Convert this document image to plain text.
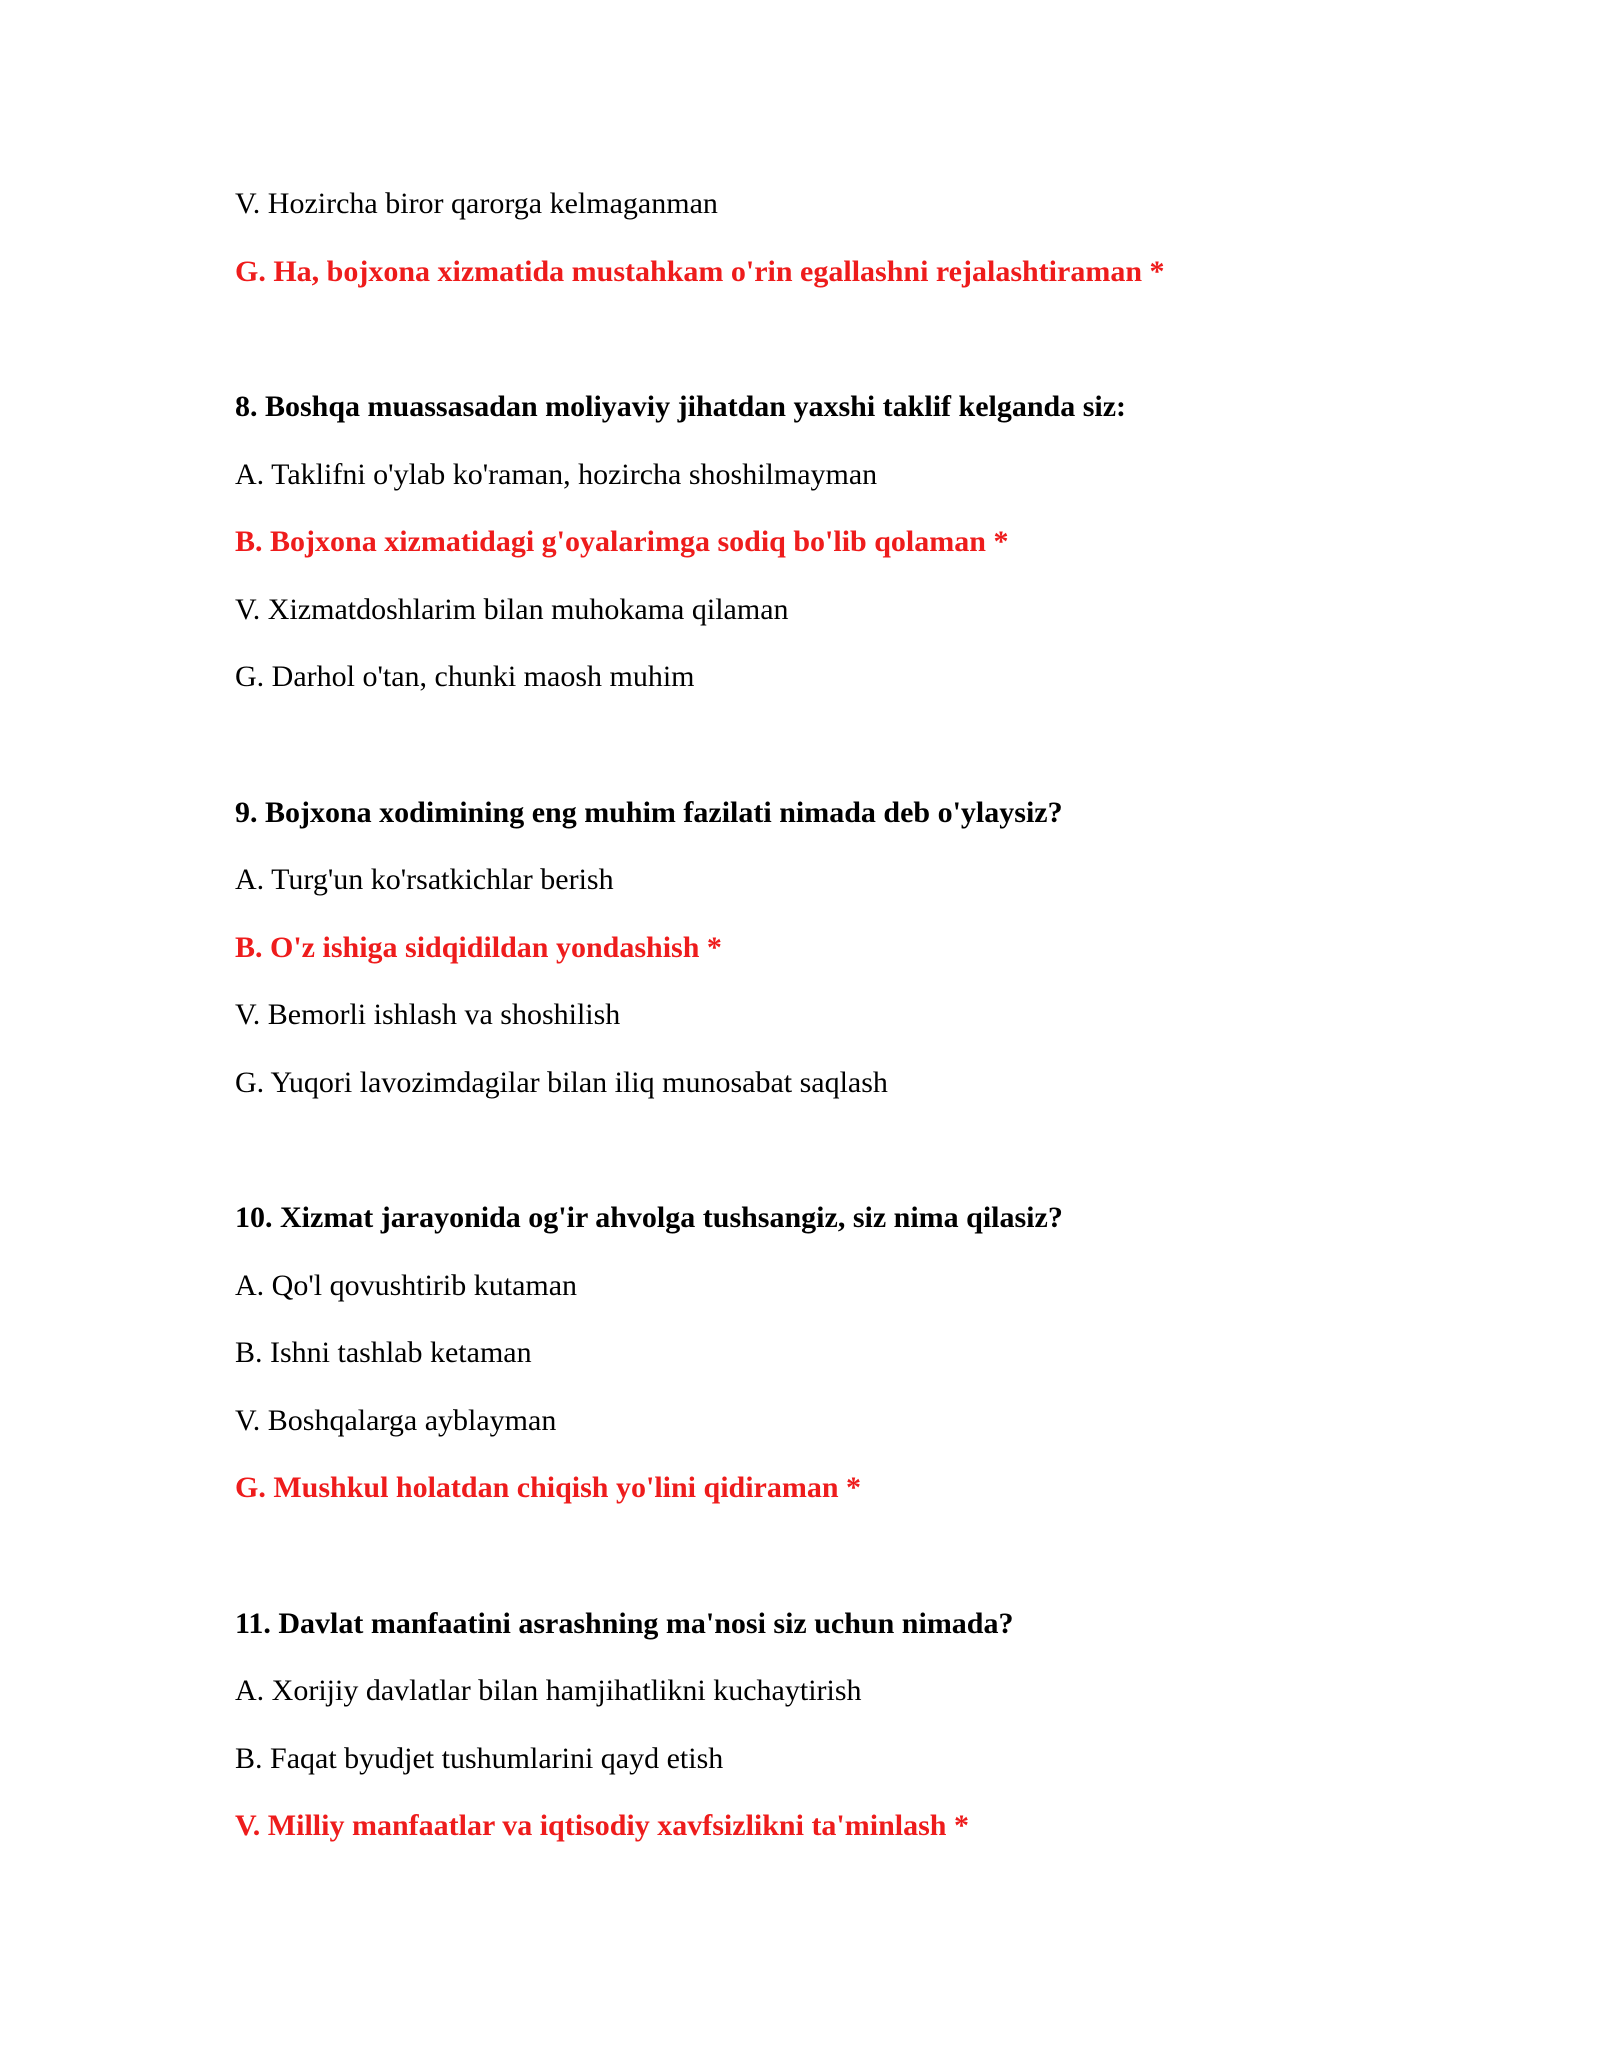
V. Hozircha biror qarorga kelmaganman
G. Ha, bojxona xizmatida mustahkam o'rin egallashni rejalashtiraman *
8. Boshqa muassasadan moliyaviy jihatdan yaxshi taklif kelganda siz:
A. Taklifni o'ylab ko'raman, hozircha shoshilmayman
B. Bojxona xizmatidagi g'oyalarimga sodiq bo'lib qolaman *
V. Xizmatdoshlarim bilan muhokama qilaman
G. Darhol o'tan, chunki maosh muhim
9. Bojxona xodimining eng muhim fazilati nimada deb o'ylaysiz?
A. Turg'un ko'rsatkichlar berish
B. O'z ishiga sidqidildan yondashish *
V. Bemorli ishlash va shoshilish
G. Yuqori lavozimdagilar bilan iliq munosabat saqlash
10. Xizmat jarayonida og'ir ahvolga tushsangiz, siz nima qilasiz?
A. Qo'l qovushtirib kutaman
B. Ishni tashlab ketaman
V. Boshqalarga ayblayman
G. Mushkul holatdan chiqish yo'lini qidiraman *
11. Davlat manfaatini asrashning ma'nosi siz uchun nimada?
A. Xorijiy davlatlar bilan hamjihatlikni kuchaytirish
B. Faqat byudjet tushumlarini qayd etish
V. Milliy manfaatlar va iqtisodiy xavfsizlikni ta'minlash *
